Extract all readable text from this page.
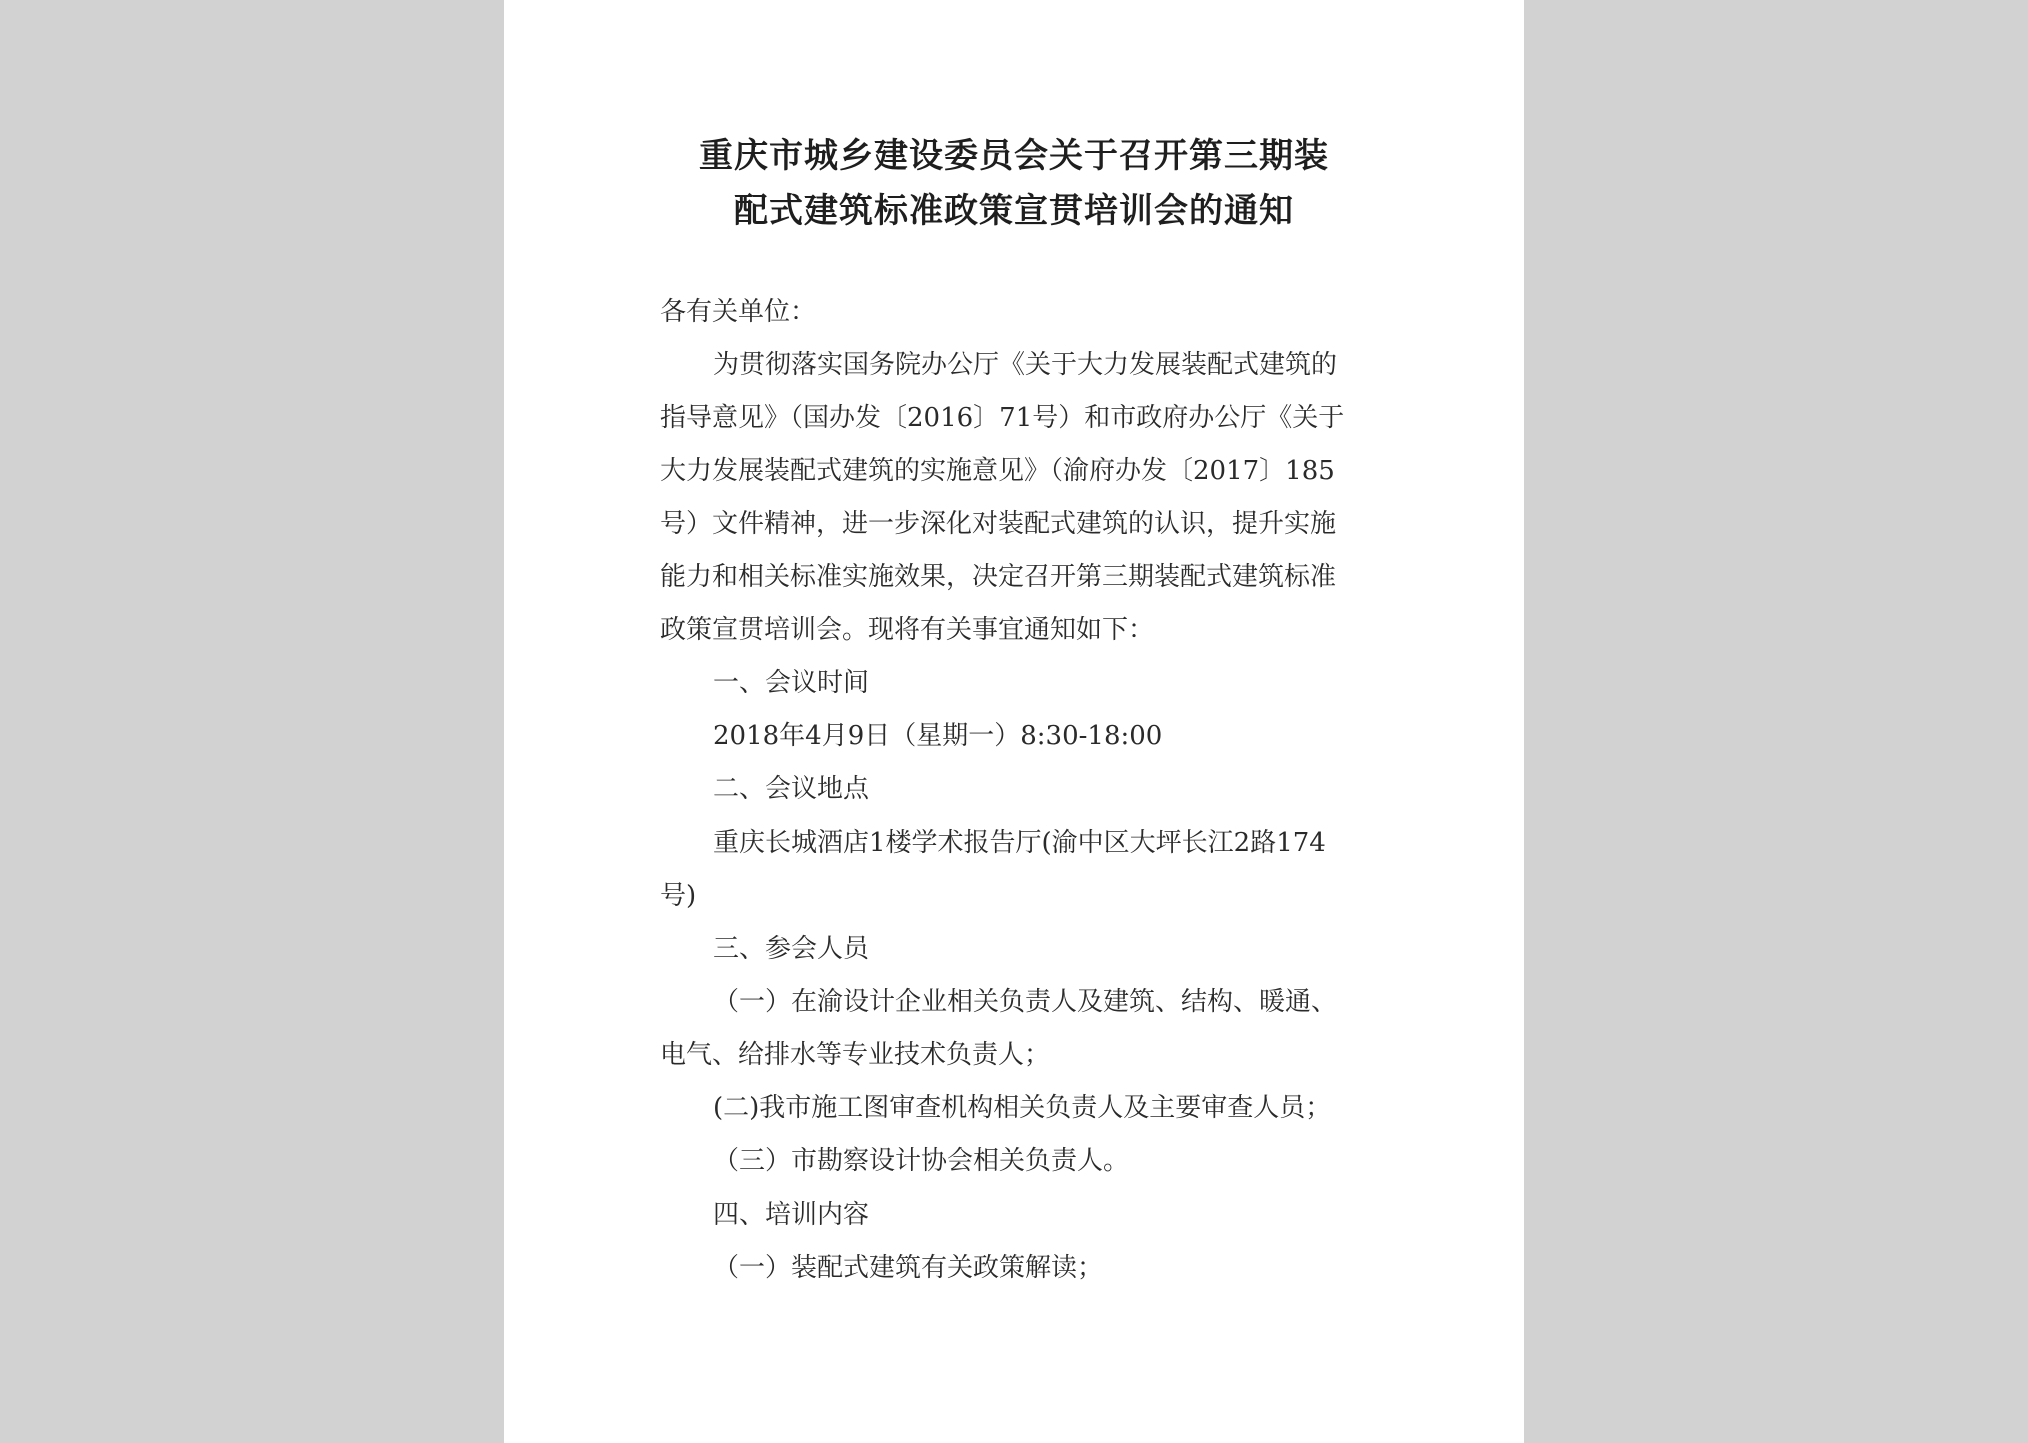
重庆市城乡建设委员会关于召开第三期装
配式建筑标准政策宣贯培训会的通知
各有关单位：
为贯彻落实国务院办公厅《关于大力发展装配式建筑的
指导意见》（国办发〔2016〕71号）和市政府办公厅《关于
大力发展装配式建筑的实施意见》（渝府办发〔2017〕185
号）文件精神，进一步深化对装配式建筑的认识，提升实施
能力和相关标准实施效果，决定召开第三期装配式建筑标准
政策宣贯培训会。现将有关事宜通知如下：
一、会议时间
2018年4月9日（星期一）8:30-18:00
二、会议地点
重庆长城酒店1楼学术报告厅(渝中区大坪长江2路174
号)
三、参会人员
（一）在渝设计企业相关负责人及建筑、结构、暖通、
电气、给排水等专业技术负责人；
(二)我市施工图审查机构相关负责人及主要审查人员；
（三）市勘察设计协会相关负责人。
四、培训内容
（一）装配式建筑有关政策解读；
